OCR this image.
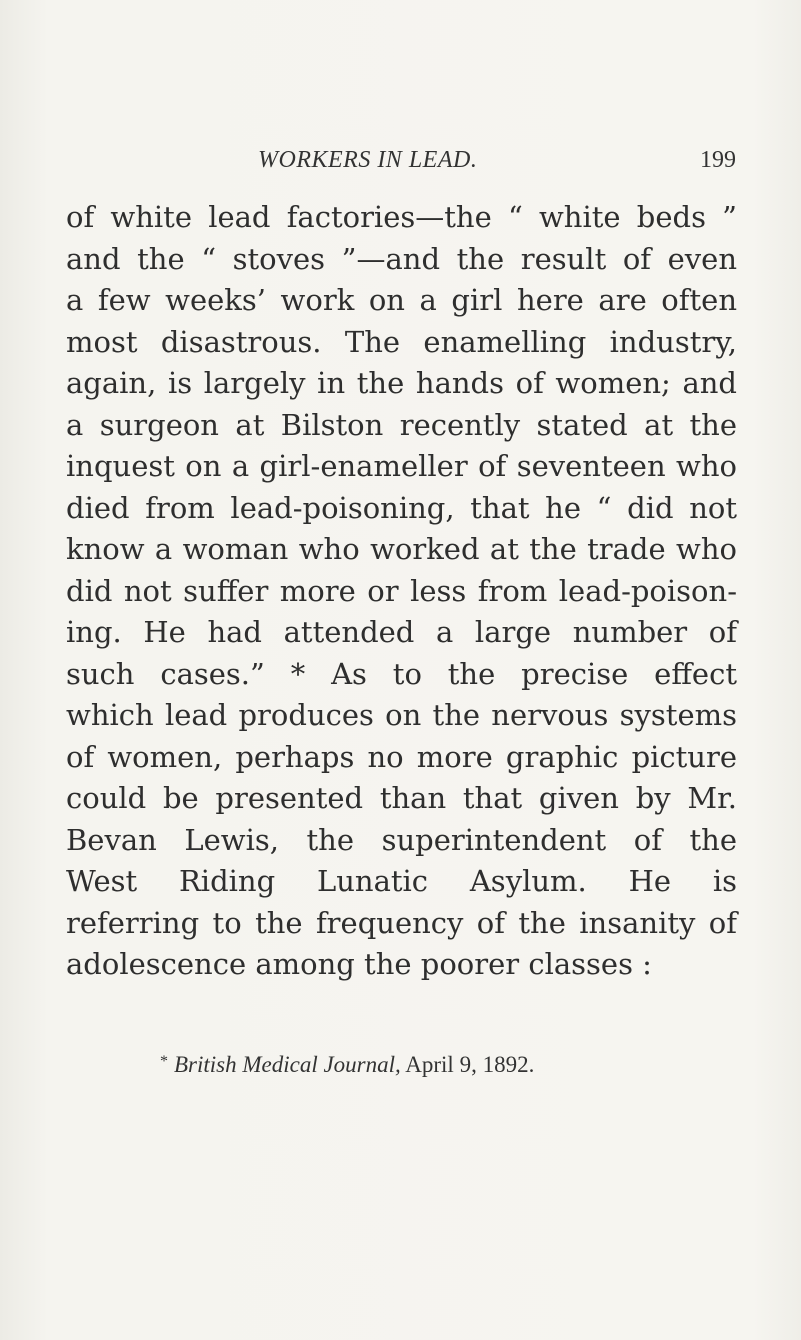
WORKERS IN LEAD.	199
of white lead factories—the “ white beds ”
and the “ stoves ”—and the result of even
a few weeks’ work on a girl here are often
most disastrous. The enamelling industry,
again, is largely in the hands of women; and
a surgeon at Bilston recently stated at the
inquest on a girl-enameller of seventeen who
died from lead-poisoning, that he “ did not
know a woman who worked at the trade who
did not suffer more or less from lead-poison-
ing. He had attended a large number of
such cases.” * As to the precise effect
which lead produces on the nervous systems
of women, perhaps no more graphic picture
could be presented than that given by Mr.
Bevan Lewis, the superintendent of the
West Riding Lunatic Asylum. He is
referring to the frequency of the insanity of
adolescence among the poorer classes :
* British Medical Journal, April 9, 1892.
